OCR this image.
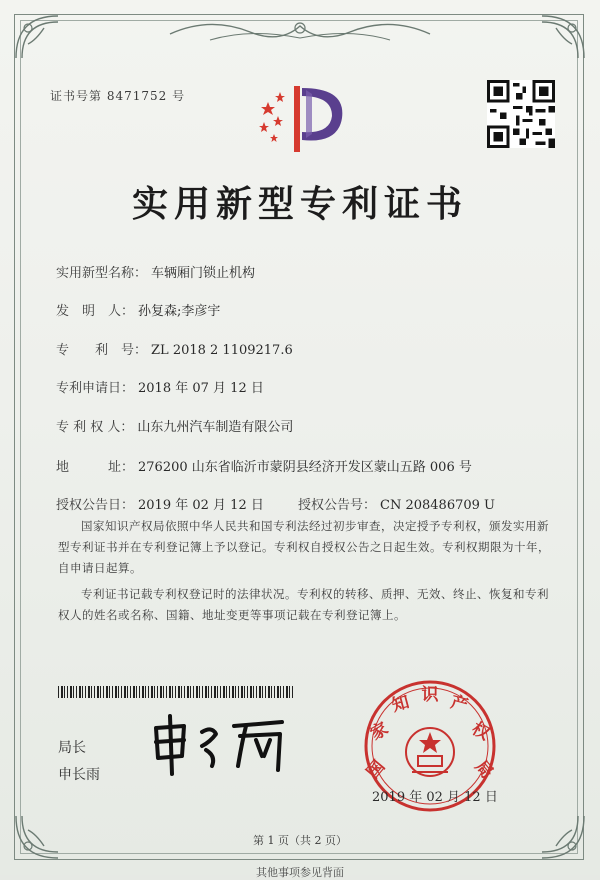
证书号第 8471752 号
实用新型专利证书
实用新型名称： 车辆厢门锁止机构
发　明　人： 孙复森;李彦宇
专　　利　号： ZL 2018 2 1109217.6
专利申请日： 2018 年 07 月 12 日
专 利 权 人： 山东九州汽车制造有限公司
地　　　址： 276200 山东省临沂市蒙阴县经济开发区蒙山五路 006 号
授权公告日： 2019 年 02 月 12 日	授权公告号： CN 208486709 U
国家知识产权局依照中华人民共和国专利法经过初步审查，决定授予专利权，颁发实用新型专利证书并在专利登记簿上予以登记。专利权自授权公告之日起生效。专利权期限为十年，自申请日起算。
专利证书记载专利权登记时的法律状况。专利权的转移、质押、无效、终止、恢复和专利权人的姓名或名称、国籍、地址变更等事项记载在专利登记簿上。
局长
申长雨	国
家
知 识 产
权
局
2019 年 02 月 12 日
第 1 页（共 2 页）
其他事项参见背面
